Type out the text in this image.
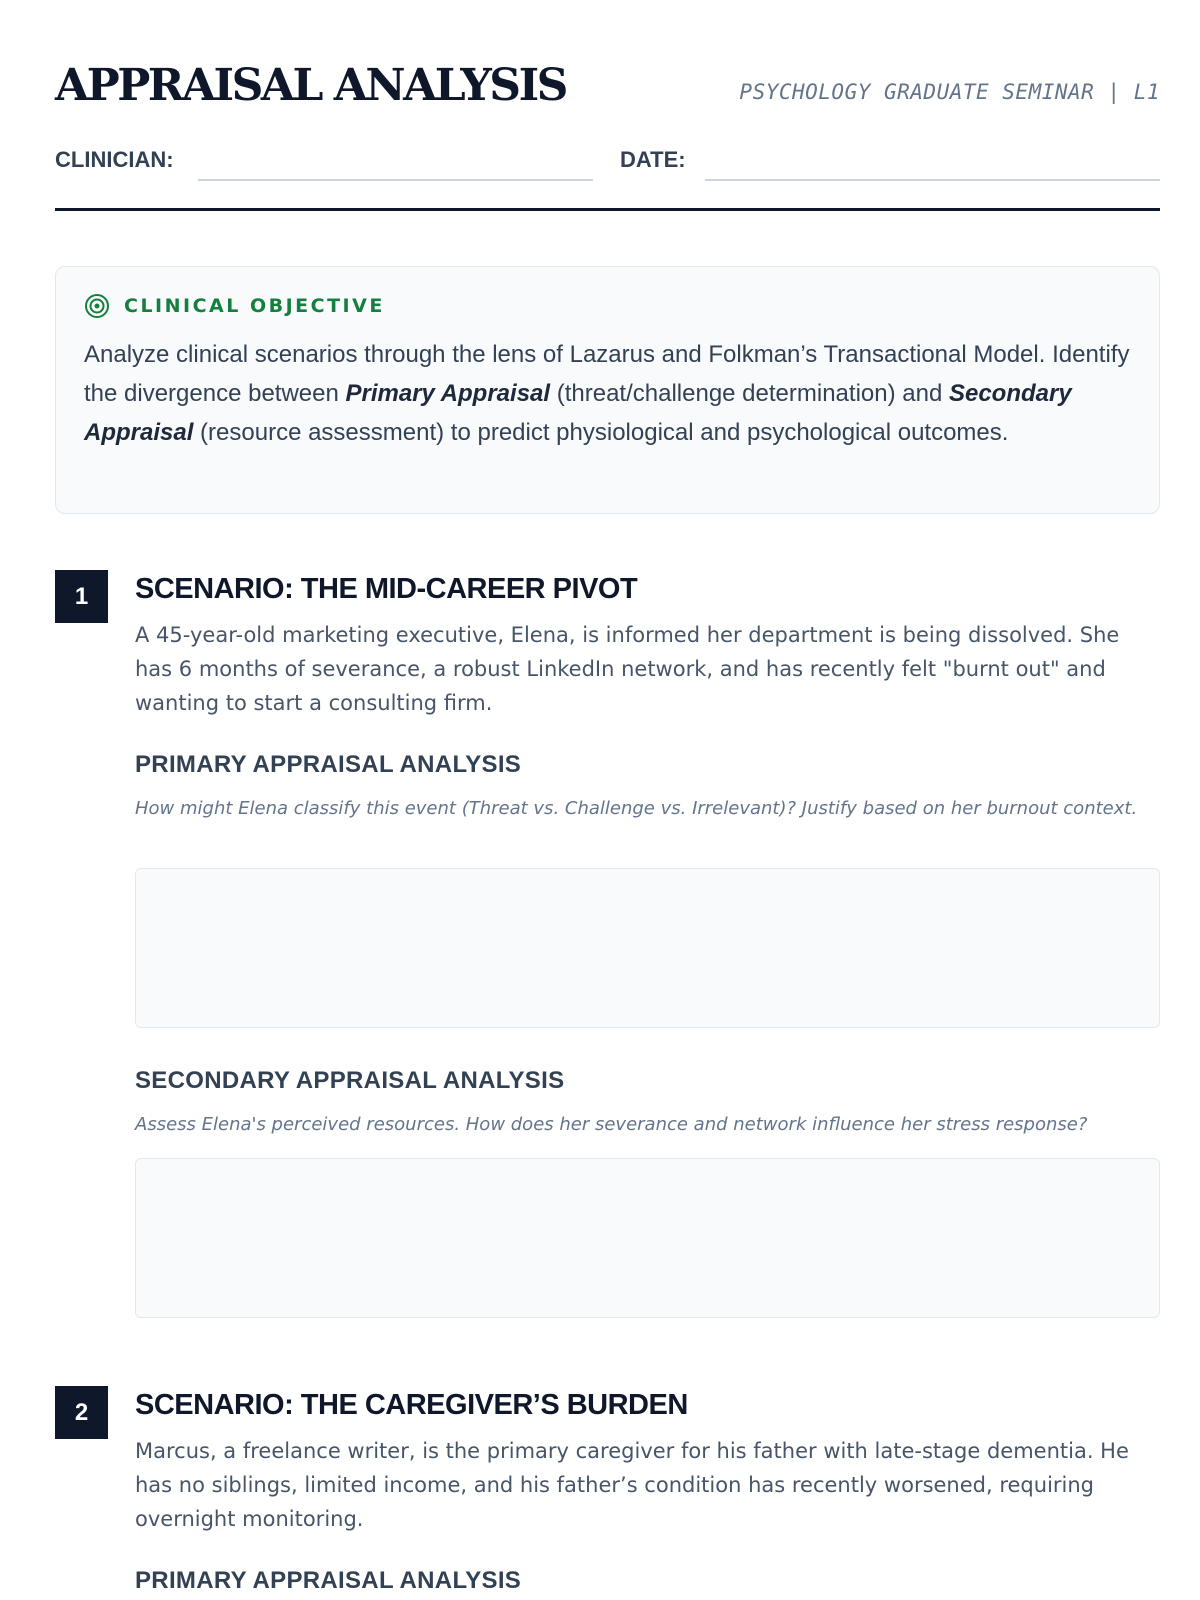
APPRAISAL ANALYSIS	PSYCHOLOGY GRADUATE SEMINAR | L1
CLINICIAN:	DATE:
CLINICAL OBJECTIVE

Analyze clinical scenarios through the lens of Lazarus and Folkman’s Transactional Model. Identify the divergence between Primary Appraisal (threat/challenge determination) and Secondary Appraisal (resource assessment) to predict physiological and psychological outcomes.

1	SCENARIO: THE MID-CAREER PIVOT

A 45-year-old marketing executive, Elena, is informed her department is being dissolved. She has 6 months of severance, a robust LinkedIn network, and has recently felt "burnt out" and wanting to start a consulting firm.

PRIMARY APPRAISAL ANALYSIS

How might Elena classify this event (Threat vs. Challenge vs. Irrelevant)? Justify based on her burnout context.

SECONDARY APPRAISAL ANALYSIS

Assess Elena's perceived resources. How does her severance and network influence her stress response?

2	SCENARIO: THE CAREGIVER’S BURDEN

Marcus, a freelance writer, is the primary caregiver for his father with late-stage dementia. He has no siblings, limited income, and his father’s condition has recently worsened, requiring overnight monitoring.

PRIMARY APPRAISAL ANALYSIS
